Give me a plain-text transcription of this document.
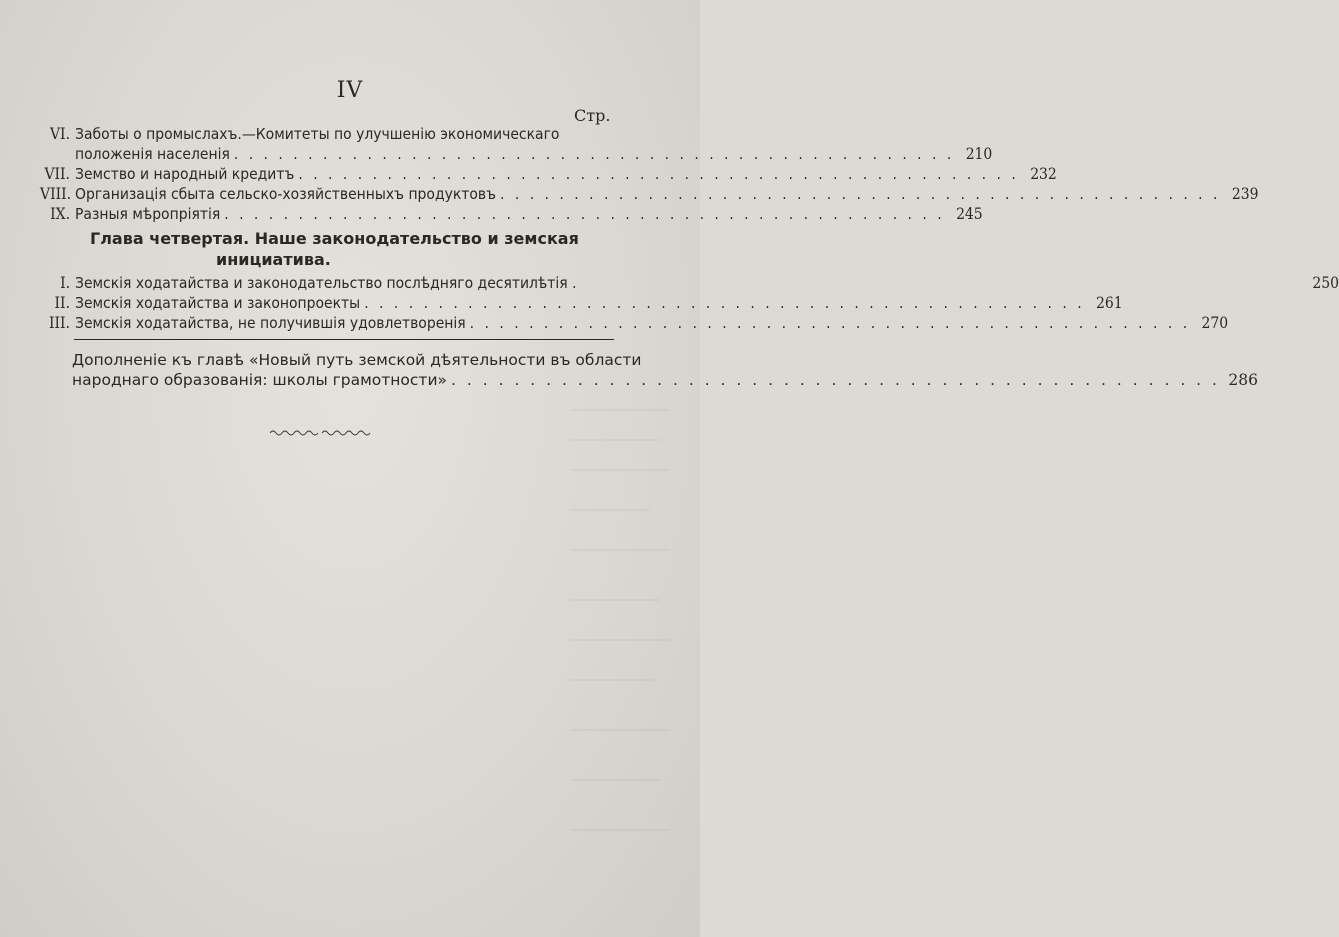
IV
Стр.
VI. Заботы о промыслахъ.—Комитеты по улучшенію экономическаго
положенія населенія . . .	210
VII. Земство и народный кредитъ . . .	232
VIII. Организація сбыта сельско-хозяйственныхъ продуктовъ . . .	239
IX. Разныя мѣропріятія . . .	245
Глава четвертая. Наше законодательство и земская
инициатива.
I. Земскія ходатайства и законодательство послѣдняго десятилѣтія .	250
II. Земскія ходатайства и законопроекты . . .	261
III. Земскія ходатайства, не получившія удовлетворенія . . .	270
Дополненіе къ главѣ «Новый путь земской дѣятельности въ области
народнаго образованія: школы грамотности» . . .	286
